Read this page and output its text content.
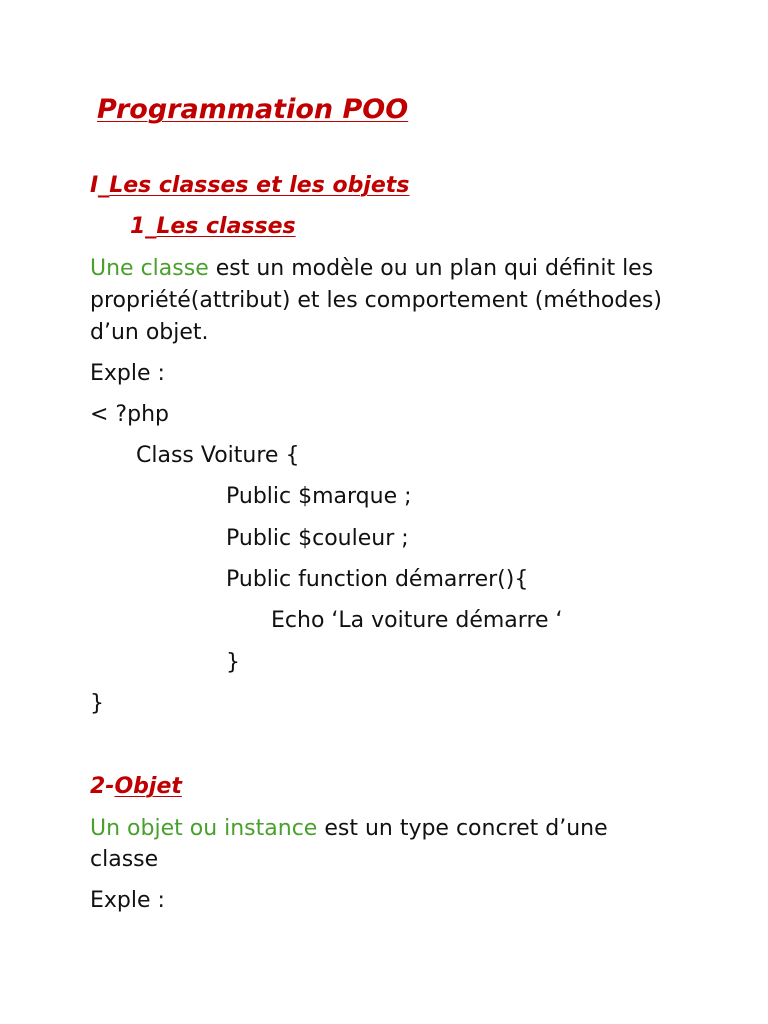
Programmation POO
I_Les classes et les objets
1_Les classes
Une classe est un modèle ou un plan qui définit les
propriété(attribut) et les comportement (méthodes)
d’un objet.
Exple :
< ?php
Class Voiture {
Public $marque ;
Public $couleur ;
Public function démarrer(){
Echo ‘La voiture démarre ‘
}
}
2-Objet
Un objet ou instance est un type concret d’une
classe
Exple :
